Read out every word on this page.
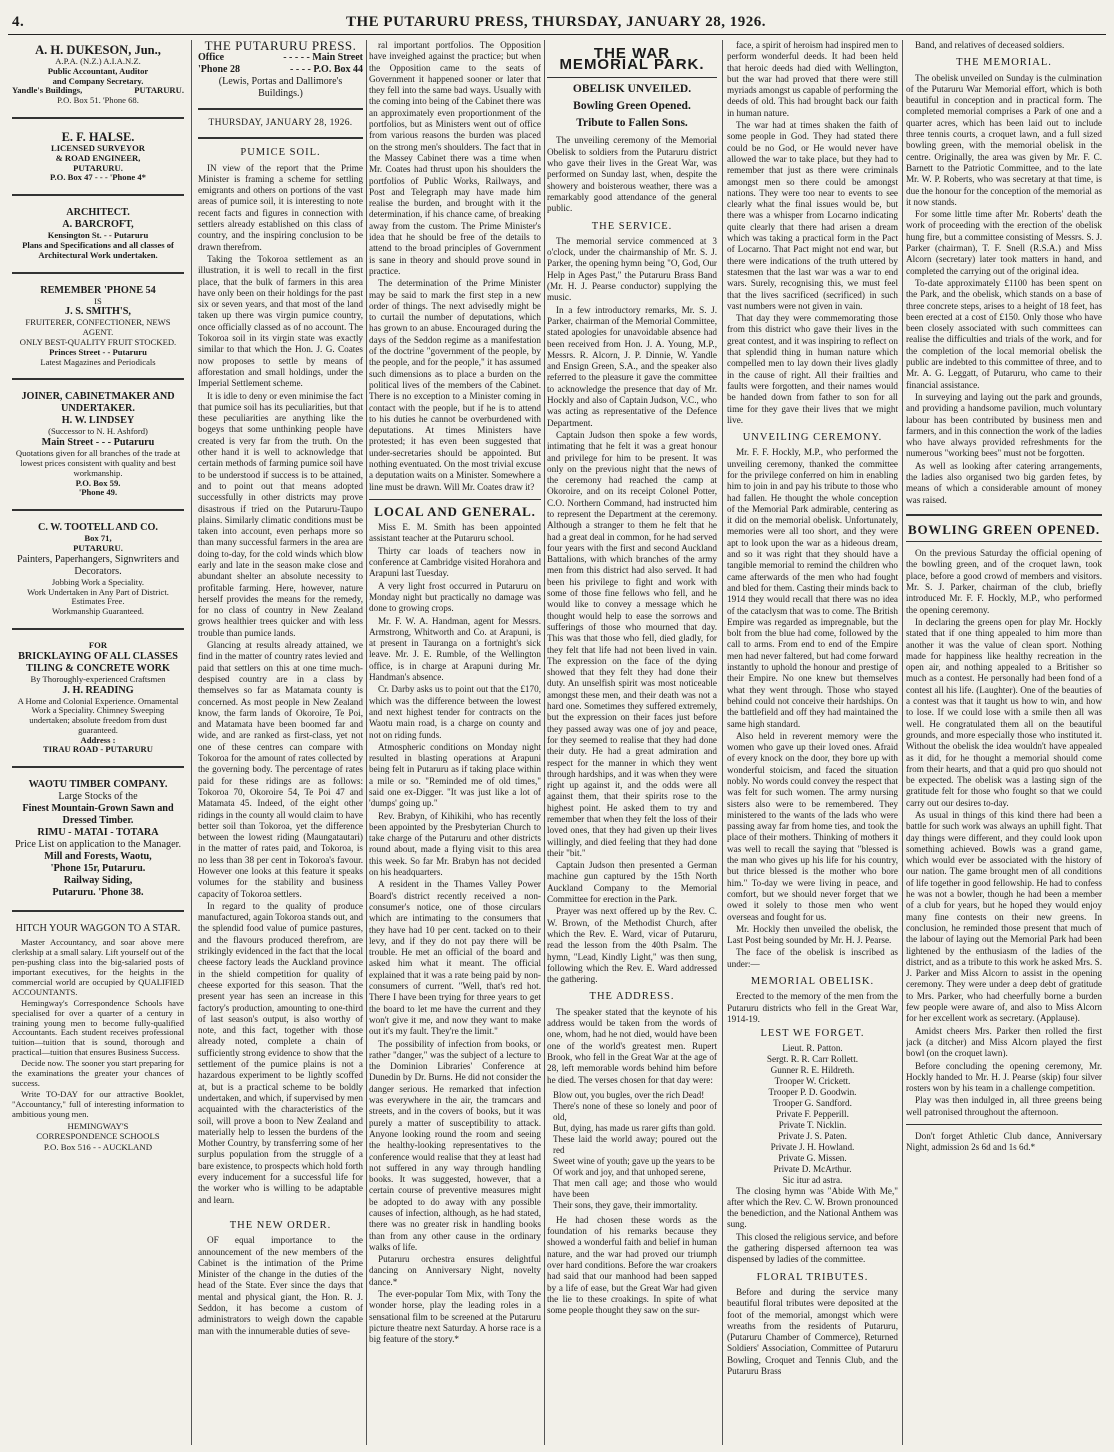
4.	THE PUTARURU PRESS, THURSDAY, JANUARY 28, 1926.
A. H. DUKESON, Jun.,
A.P.A. (N.Z.) A.I.A.N.Z.
Public Accountant, Auditor
and Company Secretary.
Yandle's Buildings,	PUTARURU.
P.O. Box 51. 'Phone 68.
E. F. HALSE.
LICENSED SURVEYOR
& ROAD ENGINEER,
PUTARURU.
P.O. Box 47 - - - 'Phone 4*
ARCHITECT.
A. BARCROFT,
Kensington St. - - Putaruru
Plans and Specifications and all classes of Architectural Work undertaken.
REMEMBER 'PHONE 54
IS
J. S. SMITH'S,
FRUITERER, CONFECTIONER, NEWS AGENT.
ONLY BEST-QUALITY FRUIT STOCKED.
Princes Street - - Putaruru
Latest Magazines and Periodicals
JOINER, CABINETMAKER AND UNDERTAKER.
H. W. LINDSEY
(Successor to N. H. Ashford)
Main Street - - - Putaruru
Quotations given for all branches of the trade at lowest prices consistent with quality and best workmanship.
P.O. Box 59.
'Phone 49.
C. W. TOOTELL AND CO.
Box 71,
PUTARURU.
Painters, Paperhangers, Signwriters and Decorators.
Jobbing Work a Speciality.
Work Undertaken in Any Part of District.
Estimates Free.
Workmanship Guaranteed.
FOR
BRICKLAYING OF ALL CLASSES
TILING & CONCRETE WORK
By Thoroughly-experienced Craftsmen
J. H. READING
A Home and Colonial Experience. Ornamental Work a Speciality. Chimney Sweeping undertaken; absolute freedom from dust guaranteed.
Address :
TIRAU ROAD - PUTARURU
WAOTU TIMBER COMPANY.
Large Stocks of the
Finest Mountain-Grown Sawn and Dressed Timber.
RIMU - MATAI - TOTARA
Price List on application to the Manager.
Mill and Forests, Waotu,
'Phone 15r, Putaruru.
Railway Siding,
Putaruru. 'Phone 38.
HITCH YOUR WAGGON TO A STAR.

Master Accountancy, and soar above mere clerkship at a small salary. Lift yourself out of the pen-pushing class into the big-salaried posts of important executives, for the heights in the commercial world are occupied by QUALIFIED ACCOUNTANTS.

Hemingway's Correspondence Schools have specialised for over a quarter of a century in training young men to become fully-qualified Accountants. Each student receives professional tuition—tuition that is sound, thorough and practical—tuition that ensures Business Success.

Decide now. The sooner you start preparing for the examinations the greater your chances of success.

Write TO-DAY for our attractive Booklet, "Accountancy," full of interesting information to ambitious young men.

HEMINGWAY'S
CORRESPONDENCE SCHOOLS
P.O. Box 516 - - AUCKLAND
THE PUTARURU PRESS.
Office	- - - - - Main Street
'Phone 28	- - - - P.O. Box 44
(Lewis, Portas and Dallimore's Buildings.)
THURSDAY, JANUARY 28, 1926.
PUMICE SOIL.

IN view of the report that the Prime Minister is framing a scheme for settling emigrants and others on portions of the vast areas of pumice soil, it is interesting to note recent facts and figures in connection with settlers already established on this class of country, and the inspiring conclusion to be drawn therefrom.

Taking the Tokoroa settlement as an illustration, it is well to recall in the first place, that the bulk of farmers in this area have only been on their holdings for the past six or seven years, and that most of the land taken up there was virgin pumice country, once officially classed as of no account. The Tokoroa soil in its virgin state was exactly similar to that which the Hon. J. G. Coates now proposes to settle by means of afforestation and small holdings, under the Imperial Settlement scheme.

It is idle to deny or even minimise the fact that pumice soil has its peculiarities, but that these peculiarities are anything like the bogeys that some unthinking people have created is very far from the truth. On the other hand it is well to acknowledge that certain methods of farming pumice soil have to be understood if success is to be attained, and to point out that means adopted successfully in other districts may prove disastrous if tried on the Putaruru-Taupo plains. Similarly climatic conditions must be taken into account, even perhaps more so than many successful farmers in the area are doing to-day, for the cold winds which blow early and late in the season make close and abundant shelter an absolute necessity to profitable farming. Here, however, nature herself provides the means for the remedy, for no class of country in New Zealand grows healthier trees quicker and with less trouble than pumice lands.

Glancing at results already attained, we find in the matter of country rates levied and paid that settlers on this at one time much-despised country are in a class by themselves so far as Matamata county is concerned. As most people in New Zealand know, the farm lands of Okoroire, Te Poi, and Matamata have been boomed far and wide, and are ranked as first-class, yet not one of these centres can compare with Tokoroa for the amount of rates collected by the governing body. The percentage of rates paid for these ridings are as follows: Tokoroa 70, Okoroire 54, Te Poi 47 and Matamata 45. Indeed, of the eight other ridings in the county all would claim to have better soil than Tokoroa, yet the difference between the lowest riding (Maungatautari) in the matter of rates paid, and Tokoroa, is no less than 38 per cent in Tokoroa's favour. However one looks at this feature it speaks volumes for the stability and business capacity of Tokoroa settlers.

In regard to the quality of produce manufactured, again Tokoroa stands out, and the splendid food value of pumice pastures, and the flavours produced therefrom, are strikingly evidenced in the fact that the local cheese factory leads the Auckland province in the shield competition for quality of cheese exported for this season. That the present year has seen an increase in this factory's production, amounting to one-third of last season's output, is also worthy of note, and this fact, together with those already noted, complete a chain of sufficiently strong evidence to show that the settlement of the pumice plains is not a hazardous experiment to be lightly scoffed at, but is a practical scheme to be boldly undertaken, and which, if supervised by men acquainted with the characteristics of the soil, will prove a boon to New Zealand and materially help to lessen the burdens of the Mother Country, by transferring some of her surplus population from the struggle of a bare existence, to prospects which hold forth every inducement for a successful life for the worker who is willing to be adaptable and learn.

THE NEW ORDER.

OF equal importance to the announcement of the new members of the Cabinet is the intimation of the Prime Minister of the change in the duties of the head of the State. Ever since the days that mental and physical giant, the Hon. R. J. Seddon, it has become a custom of administrators to weigh down the capable man with the innumerable duties of seve-

ral important portfolios. The Opposition have inveighed against the practice; but when the Opposition came to the seats of Government it happened sooner or later that they fell into the same bad ways. Usually with the coming into being of the Cabinet there was an approximately even proportionment of the portfolios, but as Ministers went out of office from various reasons the burden was placed on the strong men's shoulders. The fact that in the Massey Cabinet there was a time when Mr. Coates had thrust upon his shoulders the portfolios of Public Works, Railways, and Post and Telegraph may have made him realise the burden, and brought with it the determination, if his chance came, of breaking away from the custom. The Prime Minister's idea that he should be free of the details to attend to the broad principles of Government is sane in theory and should prove sound in practice.

The determination of the Prime Minister may be said to mark the first step in a new order of things. The next advisedly might be to curtail the number of deputations, which has grown to an abuse. Encouraged during the days of the Seddon regime as a manifestation of the doctrine "government of the people, by the people, and for the people," it has assumed such dimensions as to place a burden on the political lives of the members of the Cabinet. There is no exception to a Minister coming in contact with the people, but if he is to attend to his duties he cannot be overburdened with deputations. At times Ministers have protested; it has even been suggested that under-secretaries should be appointed. But nothing eventuated. On the most trivial excuse a deputation waits on a Minister. Somewhere a line must be drawn. Will Mr. Coates draw it?

LOCAL AND GENERAL.

Miss E. M. Smith has been appointed assistant teacher at the Putaruru school.

Thirty car loads of teachers now in conference at Cambridge visited Horahora and Arapuni last Tuesday.

A very light frost occurred in Putaruru on Monday night but practically no damage was done to growing crops.

Mr. F. W. A. Handman, agent for Messrs. Armstrong, Whitworth and Co. at Arapuni, is at present in Tauranga on a fortnight's sick leave. Mr. J. E. Rumble, of the Wellington office, is in charge at Arapuni during Mr. Handman's absence.

Cr. Darby asks us to point out that the £170, which was the difference between the lowest and next highest tender for contracts on the Waotu main road, is a charge on county and not on riding funds.

Atmospheric conditions on Monday night resulted in blasting operations at Arapuni being felt in Putaruru as if taking place within a mile or so. "Reminded me of old times," said one ex-Digger. "It was just like a lot of 'dumps' going up."

Rev. Brabyn, of Kihikihi, who has recently been appointed by the Presbyterian Church to take charge of the Putaruru and other districts round about, made a flying visit to this area this week. So far Mr. Brabyn has not decided on his headquarters.

A resident in the Thames Valley Power Board's district recently received a non-consumer's notice, one of those circulars which are intimating to the consumers that they have had 10 per cent. tacked on to their levy, and if they do not pay there will be trouble. He met an official of the board and asked him what it meant. The official explained that it was a rate being paid by non-consumers of current. "Well, that's red hot. There I have been trying for three years to get the board to let me have the current and they won't give it me, and now they want to make out it's my fault. They're the limit."

The possibility of infection from books, or rather "danger," was the subject of a lecture to the Dominion Libraries' Conference at Dunedin by Dr. Burns. He did not consider the danger serious. He remarked that infection was everywhere in the air, the tramcars and streets, and in the covers of books, but it was purely a matter of susceptibility to attack. Anyone looking round the room and seeing the healthy-looking representatives to the conference would realise that they at least had not suffered in any way through handling books. It was suggested, however, that a certain course of preventive measures might be adopted to do away with any possible causes of infection, although, as he had stated, there was no greater risk in handling books than from any other cause in the ordinary walks of life.

Putaruru orchestra ensures delightful dancing on Anniversary Night, novelty dance.*

The ever-popular Tom Mix, with Tony the wonder horse, play the leading roles in a sensational film to be screened at the Putaruru picture theatre next Saturday. A horse race is a big feature of the story.*

THE WAR MEMORIAL PARK.
OBELISK UNVEILED.
Bowling Green Opened.
Tribute to Fallen Sons.

The unveiling ceremony of the Memorial Obelisk to soldiers from the Putaruru district who gave their lives in the Great War, was performed on Sunday last, when, despite the showery and boisterous weather, there was a remarkably good attendance of the general public.

THE SERVICE.

The memorial service commenced at 3 o'clock, under the chairmanship of Mr. S. J. Parker, the opening hymn being "O, God, Our Help in Ages Past," the Putaruru Brass Band (Mr. H. J. Pearse conductor) supplying the music.

In a few introductory remarks, Mr. S. J. Parker, chairman of the Memorial Committee, stated apologies for unavoidable absence had been received from Hon. J. A. Young, M.P., Messrs. R. Alcorn, J. P. Dinnie, W. Yandle and Ensign Green, S.A., and the speaker also referred to the pleasure it gave the committee to acknowledge the presence that day of Mr. Hockly and also of Captain Judson, V.C., who was acting as representative of the Defence Department.

Captain Judson then spoke a few words, intimating that he felt it was a great honour and privilege for him to be present. It was only on the previous night that the news of the ceremony had reached the camp at Okoroire, and on its receipt Colonel Potter, C.O. Northern Command, had instructed him to represent the Department at the ceremony. Although a stranger to them he felt that he had a great deal in common, for he had served four years with the first and second Auckland Battalions, with which branches of the army men from this district had also served. It had been his privilege to fight and work with some of those fine fellows who fell, and he would like to convey a message which he thought would help to ease the sorrows and sufferings of those who mourned that day. This was that those who fell, died gladly, for they felt that life had not been lived in vain. The expression on the face of the dying showed that they felt they had done their duty. An unselfish spirit was most noticeable amongst these men, and their death was not a hard one. Sometimes they suffered extremely, but the expression on their faces just before they passed away was one of joy and peace, for they seemed to realise that they had done their duty. He had a great admiration and respect for the manner in which they went through hardships, and it was when they were right up against it, and the odds were all against them, that their spirits rose to the highest point. He asked them to try and remember that when they felt the loss of their loved ones, that they had given up their lives willingly, and died feeling that they had done their "bit."

Captain Judson then presented a German machine gun captured by the 15th North Auckland Company to the Memorial Committee for erection in the Park.

Prayer was next offered up by the Rev. C. W. Brown, of the Methodist Church, after which the Rev. E. Ward, vicar of Putaruru, read the lesson from the 40th Psalm. The hymn, "Lead, Kindly Light," was then sung, following which the Rev. E. Ward addressed the gathering.

THE ADDRESS.

The speaker stated that the keynote of his address would be taken from the words of one, whom, had he not died, would have been one of the world's greatest men. Rupert Brook, who fell in the Great War at the age of 28, left memorable words behind him before he died. The verses chosen for that day were:

Blow out, you bugles, over the rich Dead!
There's none of these so lonely and poor of old,
But, dying, has made us rarer gifts than gold.
These laid the world away; poured out the red
Sweet wine of youth; gave up the years to be
Of work and joy, and that unhoped serene,
That men call age; and those who would have been
Their sons, they gave, their immortality.

He had chosen these words as the foundation of his remarks because they showed a wonderful faith and belief in human nature, and the war had proved our triumph over hard conditions. Before the war croakers had said that our manhood had been sapped by a life of ease, but the Great War had given the lie to these croakings. In spite of what some people thought they saw on the sur-

face, a spirit of heroism had inspired men to perform wonderful deeds. It had been held that heroic deeds had died with Wellington, but the war had proved that there were still myriads amongst us capable of performing the deeds of old. This had brought back our faith in human nature.

The war had at times shaken the faith of some people in God. They had stated there could be no God, or He would never have allowed the war to take place, but they had to remember that just as there were criminals amongst men so there could be amongst nations. They were too near to events to see clearly what the final issues would be, but there was a whisper from Locarno indicating quite clearly that there had arisen a dream which was taking a practical form in the Pact of Locarno. That Pact might not end war, but there were indications of the truth uttered by statesmen that the last war was a war to end wars. Surely, recognising this, we must feel that the lives sacrificed (secrificed) in such vast numbers were not given in vain.

That day they were commemorating those from this district who gave their lives in the great contest, and it was inspiring to reflect on that splendid thing in human nature which compelled men to lay down their lives gladly in the cause of right. All their frailties and faults were forgotten, and their names would be handed down from father to son for all time for they gave their lives that we might live.

UNVEILING CEREMONY.

Mr. F. F. Hockly, M.P., who performed the unveiling ceremony, thanked the committee for the privilege conferred on him in enabling him to join in and pay his tribute to those who had fallen. He thought the whole conception of the Memorial Park admirable, centering as it did on the memorial obelisk. Unfortunately, memories were all too short, and they were apt to look upon the war as a hideous dream, and so it was right that they should have a tangible memorial to remind the children who came afterwards of the men who had fought and bled for them. Casting their minds back to 1914 they would recall that there was no idea of the cataclysm that was to come. The British Empire was regarded as impregnable, but the bolt from the blue had come, followed by the call to arms. From end to end of the Empire men had never faltered, but had come forward instantly to uphold the honour and prestige of their Empire. No one knew but themselves what they went through. Those who stayed behind could not conceive their hardships. On the battlefield and off they had maintained the same high standard.

Also held in reverent memory were the women who gave up their loved ones. Afraid of every knock on the door, they bore up with wonderful stoicism, and faced the situation nobly. No words could convey the respect that was felt for such women. The army nursing sisters also were to be remembered. They ministered to the wants of the lads who were passing away far from home ties, and took the place of their mothers. Thinking of mothers it was well to recall the saying that "blessed is the man who gives up his life for his country, but thrice blessed is the mother who bore him." To-day we were living in peace, and comfort, but we should never forget that we owed it solely to those men who went overseas and fought for us.

Mr. Hockly then unveiled the obelisk, the Last Post being sounded by Mr. H. J. Pearse.

The face of the obelisk is inscribed as under:—

MEMORIAL OBELISK.

Erected to the memory of the men from the Putaruru districts who fell in the Great War, 1914-19.

LEST WE FORGET.
Lieut. R. Patton.
Sergt. R. R. Carr Rollett.
Gunner R. E. Hildreth.
Trooper W. Crickett.
Trooper P. D. Goodwin.
Trooper G. Sandford.
Private F. Pepperill.
Private T. Nicklin.
Private J. S. Paten.
Private J. H. Howland.
Private G. Missen.
Private D. McArthur.
Sic itur ad astra.

The closing hymn was "Abide With Me," after which the Rev. C. W. Brown pronounced the benediction, and the National Anthem was sung.

This closed the religious service, and before the gathering dispersed afternoon tea was dispensed by ladies of the committee.

FLORAL TRIBUTES.

Before and during the service many beautiful floral tributes were deposited at the foot of the memorial, amongst which were wreaths from the residents of Putaruru, (Putaruru Chamber of Commerce), Returned Soldiers' Association, Committee of Putaruru Bowling, Croquet and Tennis Club, and the Putaruru Brass

Band, and relatives of deceased soldiers.

THE MEMORIAL.

The obelisk unveiled on Sunday is the culmination of the Putaruru War Memorial effort, which is both beautiful in conception and in practical form. The completed memorial comprises a Park of one and a quarter acres, which has been laid out to include three tennis courts, a croquet lawn, and a full sized bowling green, with the memorial obelisk in the centre. Originally, the area was given by Mr. F. C. Barnett to the Patriotic Committee, and to the late Mr. W. P. Roberts, who was secretary at that time, is due the honour for the conception of the memorial as it now stands.

For some little time after Mr. Roberts' death the work of proceeding with the erection of the obelisk hung fire, but a committee consisting of Messrs. S. J. Parker (chairman), T. F. Snell (R.S.A.) and Miss Alcorn (secretary) later took matters in hand, and completed the carrying out of the original idea.

To-date approximately £1100 has been spent on the Park, and the obelisk, which stands on a base of three concrete steps, arises to a height of 18 feet, has been erected at a cost of £150. Only those who have been closely associated with such committees can realise the difficulties and trials of the work, and for the completion of the local memorial obelisk the public are indebted to this committee of three, and to Mr. A. G. Leggatt, of Putaruru, who came to their financial assistance.

In surveying and laying out the park and grounds, and providing a handsome pavilion, much voluntary labour has been contributed by business men and farmers, and in this connection the work of the ladies who have always provided refreshments for the numerous "working bees" must not be forgotten.

As well as looking after catering arrangements, the ladies also organised two big garden fetes, by means of which a considerable amount of money was raised.

BOWLING GREEN OPENED.

On the previous Saturday the official opening of the bowling green, and of the croquet lawn, took place, before a good crowd of members and visitors. Mr. S. J. Parker, chairman of the club, briefly introduced Mr. F. F. Hockly, M.P., who performed the opening ceremony.

In declaring the greens open for play Mr. Hockly stated that if one thing appealed to him more than another it was the value of clean sport. Nothing made for happiness like healthy recreation in the open air, and nothing appealed to a Britisher so much as a contest. He personally had been fond of a contest all his life. (Laughter). One of the beauties of a contest was that it taught us how to win, and how to lose. If we could lose with a smile then all was well. He congratulated them all on the beautiful grounds, and more especially those who instituted it. Without the obelisk the idea wouldn't have appealed as it did, for he thought a memorial should come from their hearts, and that a quid pro quo should not be expected. The obelisk was a lasting sign of the gratitude felt for those who fought so that we could carry out our desires to-day.

As usual in things of this kind there had been a battle for such work was always an uphill fight. That day things were different, and they could look upon something achieved. Bowls was a grand game, which would ever be associated with the history of our nation. The game brought men of all conditions of life together in good fellowship. He had to confess he was not a bowler, though he had been a member of a club for years, but he hoped they would enjoy many fine contests on their new greens. In conclusion, he reminded those present that much of the labour of laying out the Memorial Park had been lightened by the enthusiasm of the ladies of the district, and as a tribute to this work he asked Mrs. S. J. Parker and Miss Alcorn to assist in the opening ceremony. They were under a deep debt of gratitude to Mrs. Parker, who had cheerfully borne a burden few people were aware of, and also to Miss Alcorn for her excellent work as secretary. (Applause).

Amidst cheers Mrs. Parker then rolled the first jack (a ditcher) and Miss Alcorn played the first bowl (on the croquet lawn).

Before concluding the opening ceremony, Mr. Hockly handed to Mr. H. J. Pearse (skip) four silver rosters won by his team in a challenge competition.

Play was then indulged in, all three greens being well patronised throughout the afternoon.

Don't forget Athletic Club dance, Anniversary Night, admission 2s 6d and 1s 6d.*
